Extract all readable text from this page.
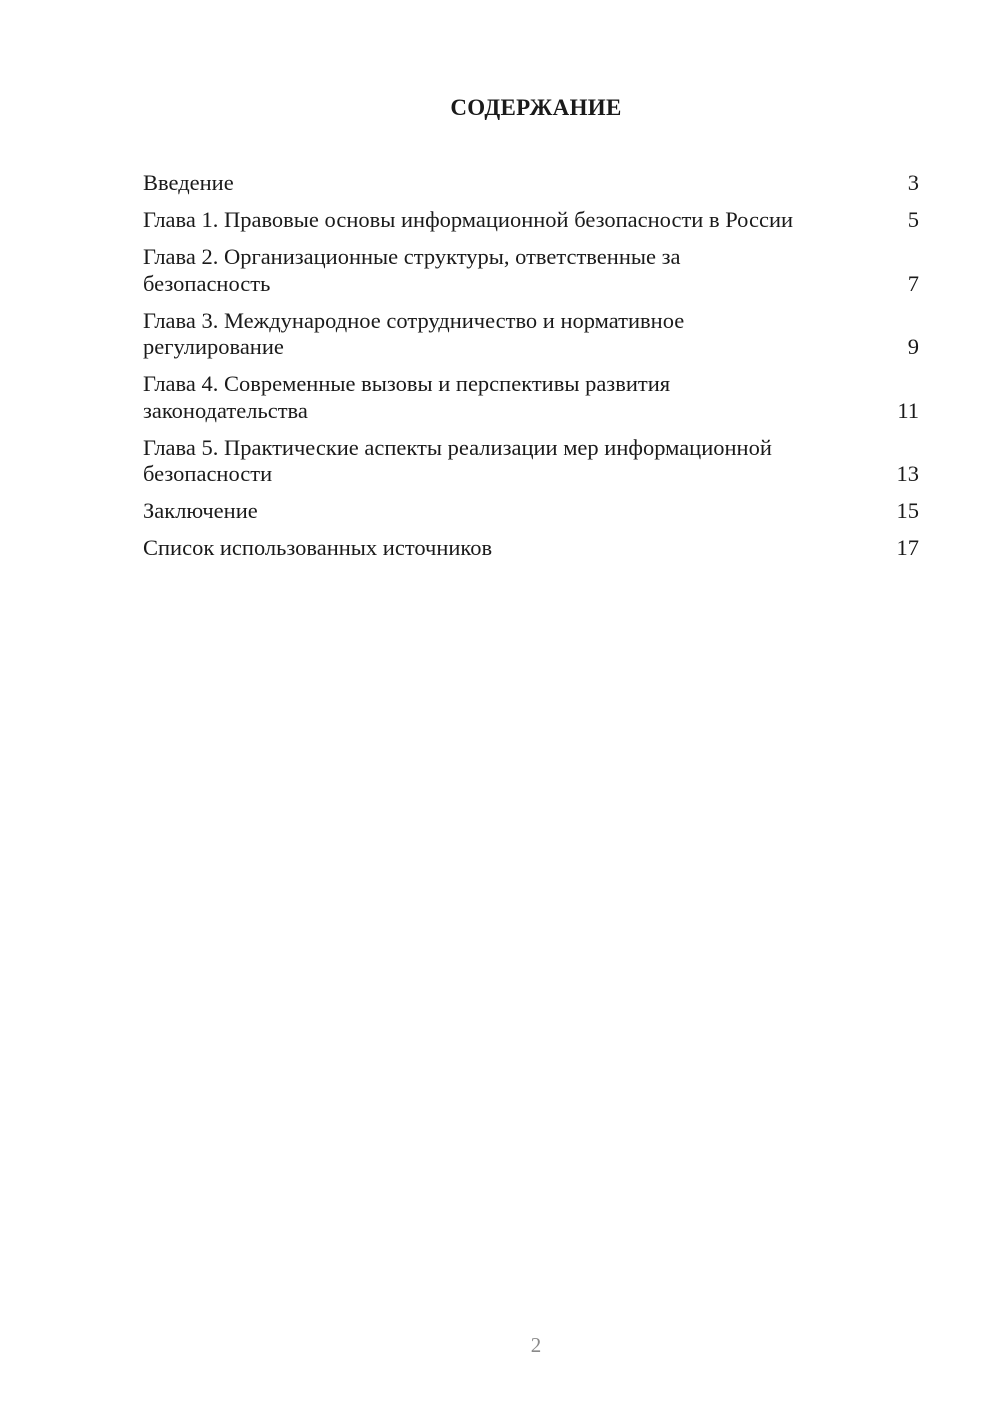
СОДЕРЖАНИЕ
Введение	3
Глава 1. Правовые основы информационной безопасности в России	5
Глава 2. Организационные структуры, ответственные за безопасность	7
Глава 3. Международное сотрудничество и нормативное регулирование	9
Глава 4. Современные вызовы и перспективы развития законодательства	11
Глава 5. Практические аспекты реализации мер информационной безопасности	13
Заключение	15
Список использованных источников	17
2
